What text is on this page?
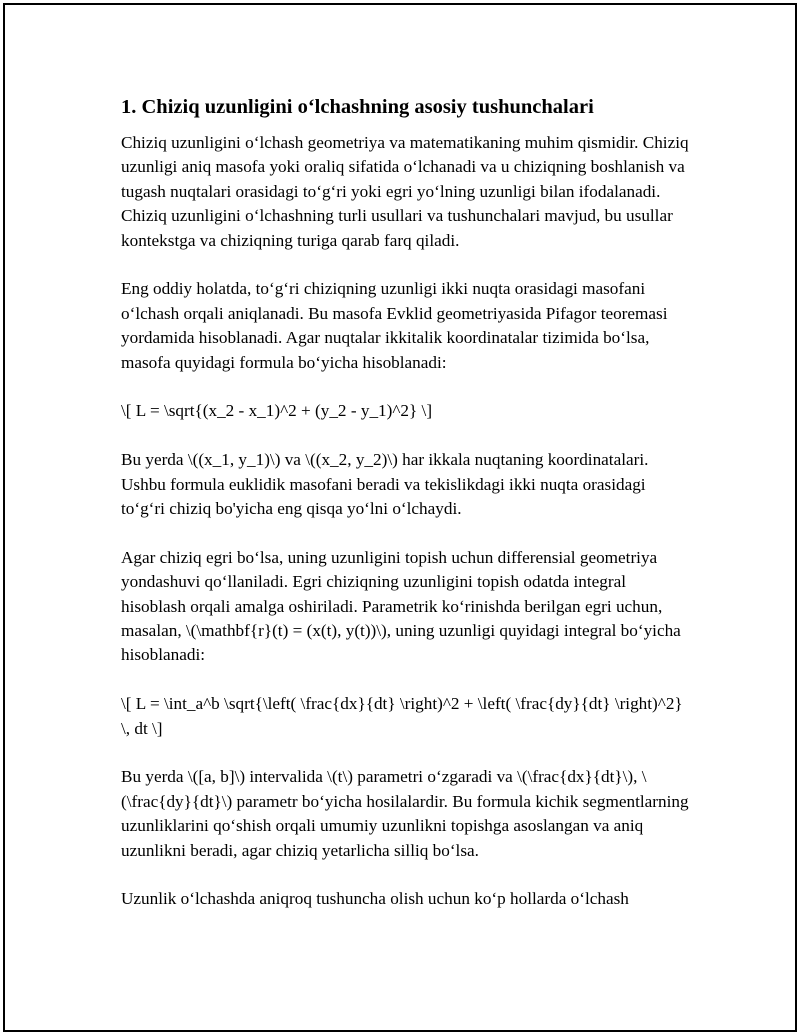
1. Chiziq uzunligini o‘lchashning asosiy tushunchalari

Chiziq uzunligini o‘lchash geometriya va matematikaning muhim qismidir. Chiziq uzunligi aniq masofa yoki oraliq sifatida o‘lchanadi va u chiziqning boshlanish va tugash nuqtalari orasidagi to‘g‘ri yoki egri yo‘lning uzunligi bilan ifodalanadi. Chiziq uzunligini o‘lchashning turli usullari va tushunchalari mavjud, bu usullar kontekstga va chiziqning turiga qarab farq qiladi.

Eng oddiy holatda, to‘g‘ri chiziqning uzunligi ikki nuqta orasidagi masofani o‘lchash orqali aniqlanadi. Bu masofa Evklid geometriyasida Pifagor teoremasi yordamida hisoblanadi. Agar nuqtalar ikkitalik koordinatalar tizimida bo‘lsa, masofa quyidagi formula bo‘yicha hisoblanadi:

\[ L = \sqrt{(x_2 - x_1)^2 + (y_2 - y_1)^2} \]

Bu yerda \((x_1, y_1)\) va \((x_2, y_2)\) har ikkala nuqtaning koordinatalari. Ushbu formula euklidik masofani beradi va tekislikdagi ikki nuqta orasidagi to‘g‘ri chiziq bo'yicha eng qisqa yo‘lni o‘lchaydi.

Agar chiziq egri bo‘lsa, uning uzunligini topish uchun differensial geometriya yondashuvi qo‘llaniladi. Egri chiziqning uzunligini topish odatda integral hisoblash orqali amalga oshiriladi. Parametrik ko‘rinishda berilgan egri uchun, masalan, \(\mathbf{r}(t) = (x(t), y(t))\), uning uzunligi quyidagi integral bo‘yicha hisoblanadi:

\[ L = \int_a^b \sqrt{\left( \frac{dx}{dt} \right)^2 + \left( \frac{dy}{dt} \right)^2} \, dt \]

Bu yerda \([a, b]\) intervalida \(t\) parametri o‘zgaradi va \(\frac{dx}{dt}\), \(\frac{dy}{dt}\) parametr bo‘yicha hosilalardir. Bu formula kichik segmentlarning uzunliklarini qo‘shish orqali umumiy uzunlikni topishga asoslangan va aniq uzunlikni beradi, agar chiziq yetarlicha silliq bo‘lsa.

Uzunlik o‘lchashda aniqroq tushuncha olish uchun ko‘p hollarda o‘lchash
